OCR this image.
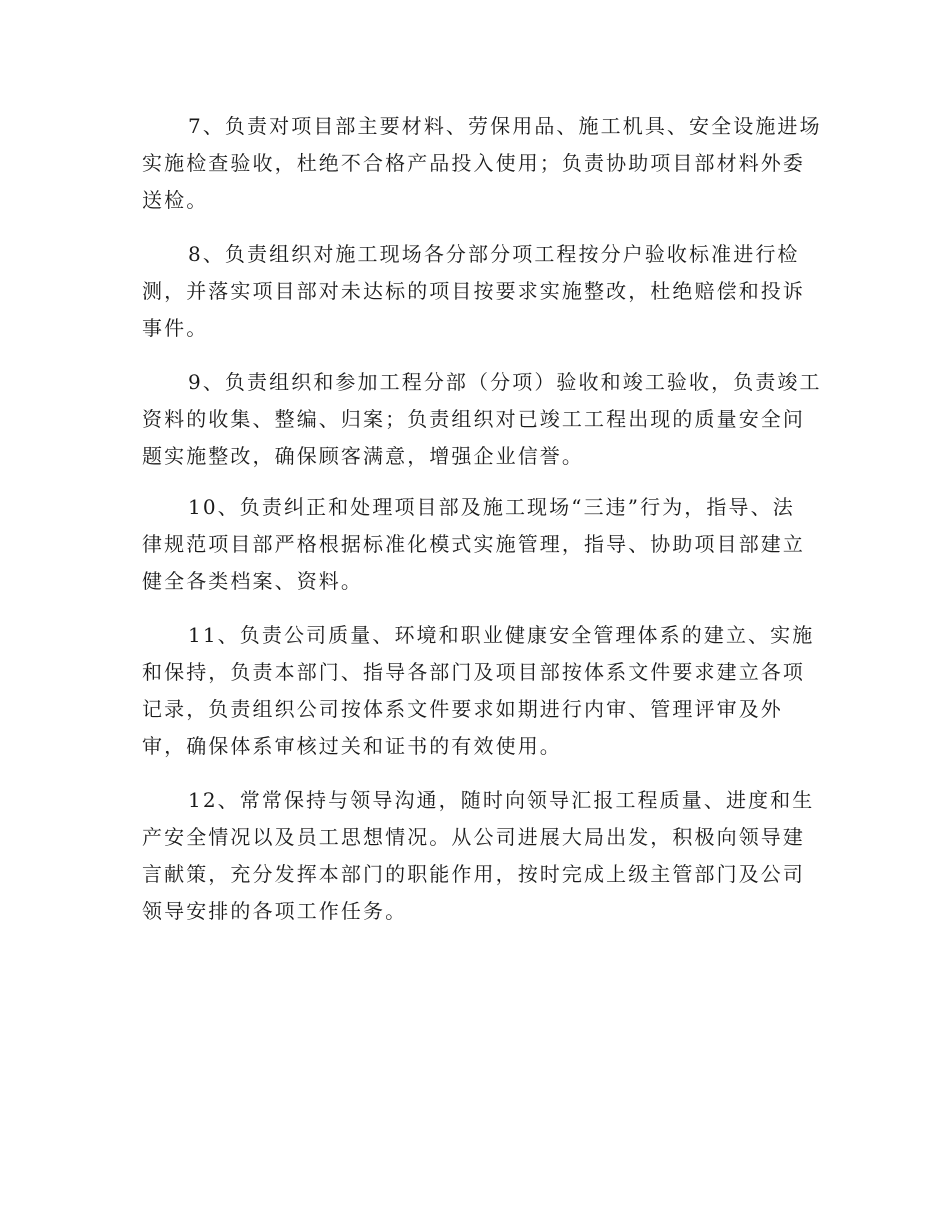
7、负责对项目部主要材料、劳保用品、施工机具、安全设施进场
实施检查验收，杜绝不合格产品投入使用；负责协助项目部材料外委
送检。
8、负责组织对施工现场各分部分项工程按分户验收标准进行检
测，并落实项目部对未达标的项目按要求实施整改，杜绝赔偿和投诉
事件。
9、负责组织和参加工程分部（分项）验收和竣工验收，负责竣工
资料的收集、整编、归案；负责组织对已竣工工程出现的质量安全问
题实施整改，确保顾客满意，增强企业信誉。
10、负责纠正和处理项目部及施工现场“三违”行为，指导、法
律规范项目部严格根据标准化模式实施管理，指导、协助项目部建立
健全各类档案、资料。
11、负责公司质量、环境和职业健康安全管理体系的建立、实施
和保持，负责本部门、指导各部门及项目部按体系文件要求建立各项
记录，负责组织公司按体系文件要求如期进行内审、管理评审及外
审，确保体系审核过关和证书的有效使用。
12、常常保持与领导沟通，随时向领导汇报工程质量、进度和生
产安全情况以及员工思想情况。从公司进展大局出发，积极向领导建
言献策，充分发挥本部门的职能作用，按时完成上级主管部门及公司
领导安排的各项工作任务。
